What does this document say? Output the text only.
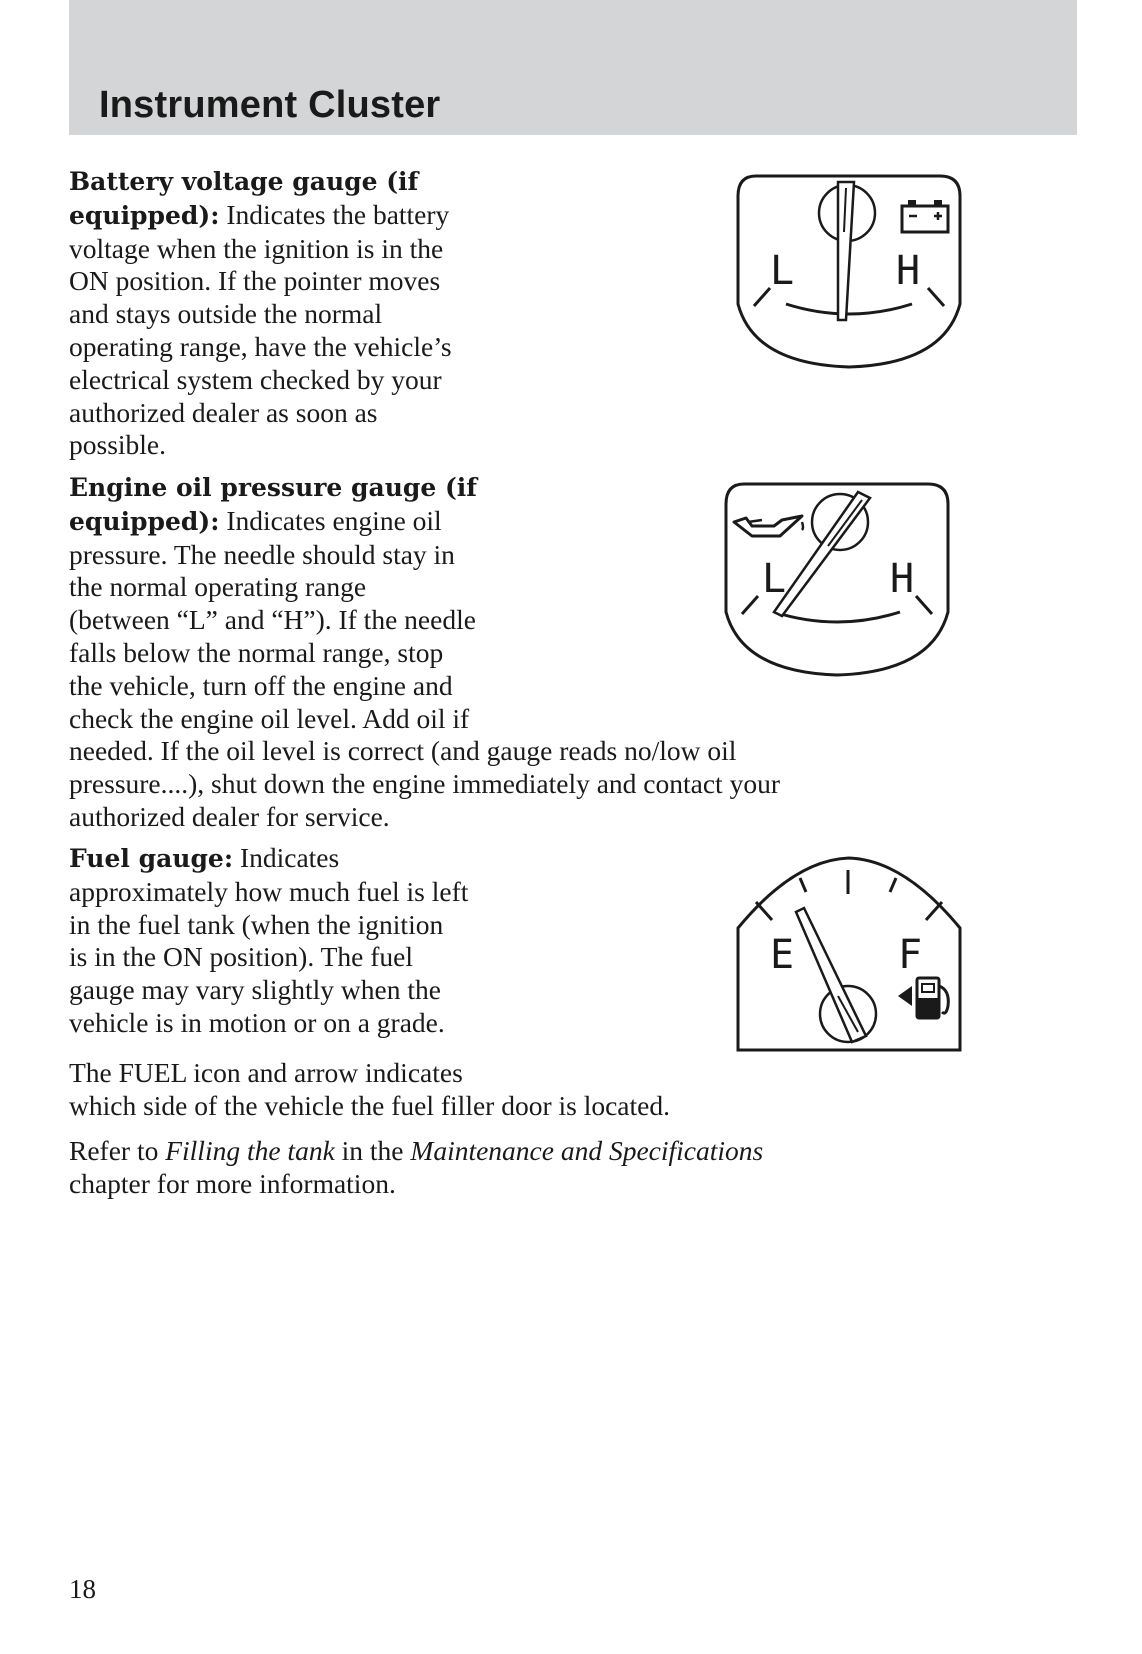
Instrument Cluster

Battery voltage gauge (if
equipped): Indicates the battery
voltage when the ignition is in the
ON position. If the pointer moves
and stays outside the normal
operating range, have the vehicle’s
electrical system checked by your
authorized dealer as soon as
possible.

L	H

Engine oil pressure gauge (if
equipped): Indicates engine oil
pressure. The needle should stay in
the normal operating range
(between “L” and “H”). If the needle
falls below the normal range, stop
the vehicle, turn off the engine and
check the engine oil level. Add oil if
needed. If the oil level is correct (and gauge reads no/low oil
pressure....), shut down the engine immediately and contact your
authorized dealer for service.

L	H

Fuel gauge: Indicates
approximately how much fuel is left
in the fuel tank (when the ignition
is in the ON position). The fuel
gauge may vary slightly when the
vehicle is in motion or on a grade.

E	F

The FUEL icon and arrow indicates
which side of the vehicle the fuel filler door is located.

Refer to Filling the tank in the Maintenance and Specifications
chapter for more information.

18
